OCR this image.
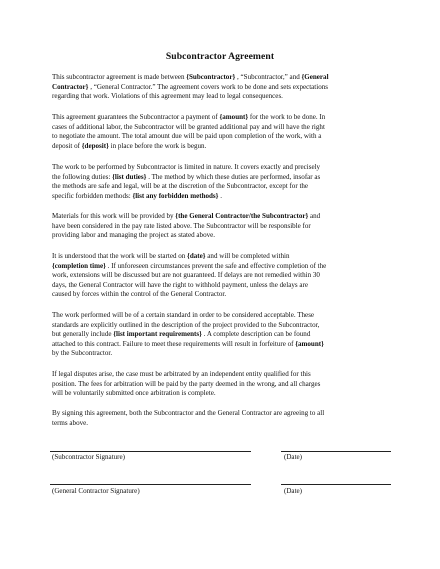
Subcontractor Agreement
This subcontractor agreement is made between {Subcontractor} , “Subcontractor,” and {General
Contractor} , “General Contractor.” The agreement covers work to be done and sets expectations
regarding that work. Violations of this agreement may lead to legal consequences.
This agreement guarantees the Subcontractor a payment of {amount} for the work to be done. In
cases of additional labor, the Subcontractor will be granted additional pay and will have the right
to negotiate the amount. The total amount due will be paid upon completion of the work, with a
deposit of {deposit} in place before the work is begun.
The work to be performed by Subcontractor is limited in nature. It covers exactly and precisely
the following duties: {list duties} . The method by which these duties are performed, insofar as
the methods are safe and legal, will be at the discretion of the Subcontractor, except for the
specific forbidden methods: {list any forbidden methods} .
Materials for this work will be provided by {the General Contractor/the Subcontractor} and
have been considered in the pay rate listed above. The Subcontractor will be responsible for
providing labor and managing the project as stated above.
It is understood that the work will be started on {date} and will be completed within
{completion time} . If unforeseen circumstances prevent the safe and effective completion of the
work, extensions will be discussed but are not guaranteed. If delays are not remedied within 30
days, the General Contractor will have the right to withhold payment, unless the delays are
caused by forces within the control of the General Contractor.
The work performed will be of a certain standard in order to be considered acceptable. These
standards are explicitly outlined in the description of the project provided to the Subcontractor,
but generally include {list important requirements} . A complete description can be found
attached to this contract. Failure to meet these requirements will result in forfeiture of {amount}
by the Subcontractor.
If legal disputes arise, the case must be arbitrated by an independent entity qualified for this
position. The fees for arbitration will be paid by the party deemed in the wrong, and all charges
will be voluntarily submitted once arbitration is complete.
By signing this agreement, both the Subcontractor and the General Contractor are agreeing to all
terms above.
(Subcontractor Signature)	(Date)
(General Contractor Signature)	(Date)
